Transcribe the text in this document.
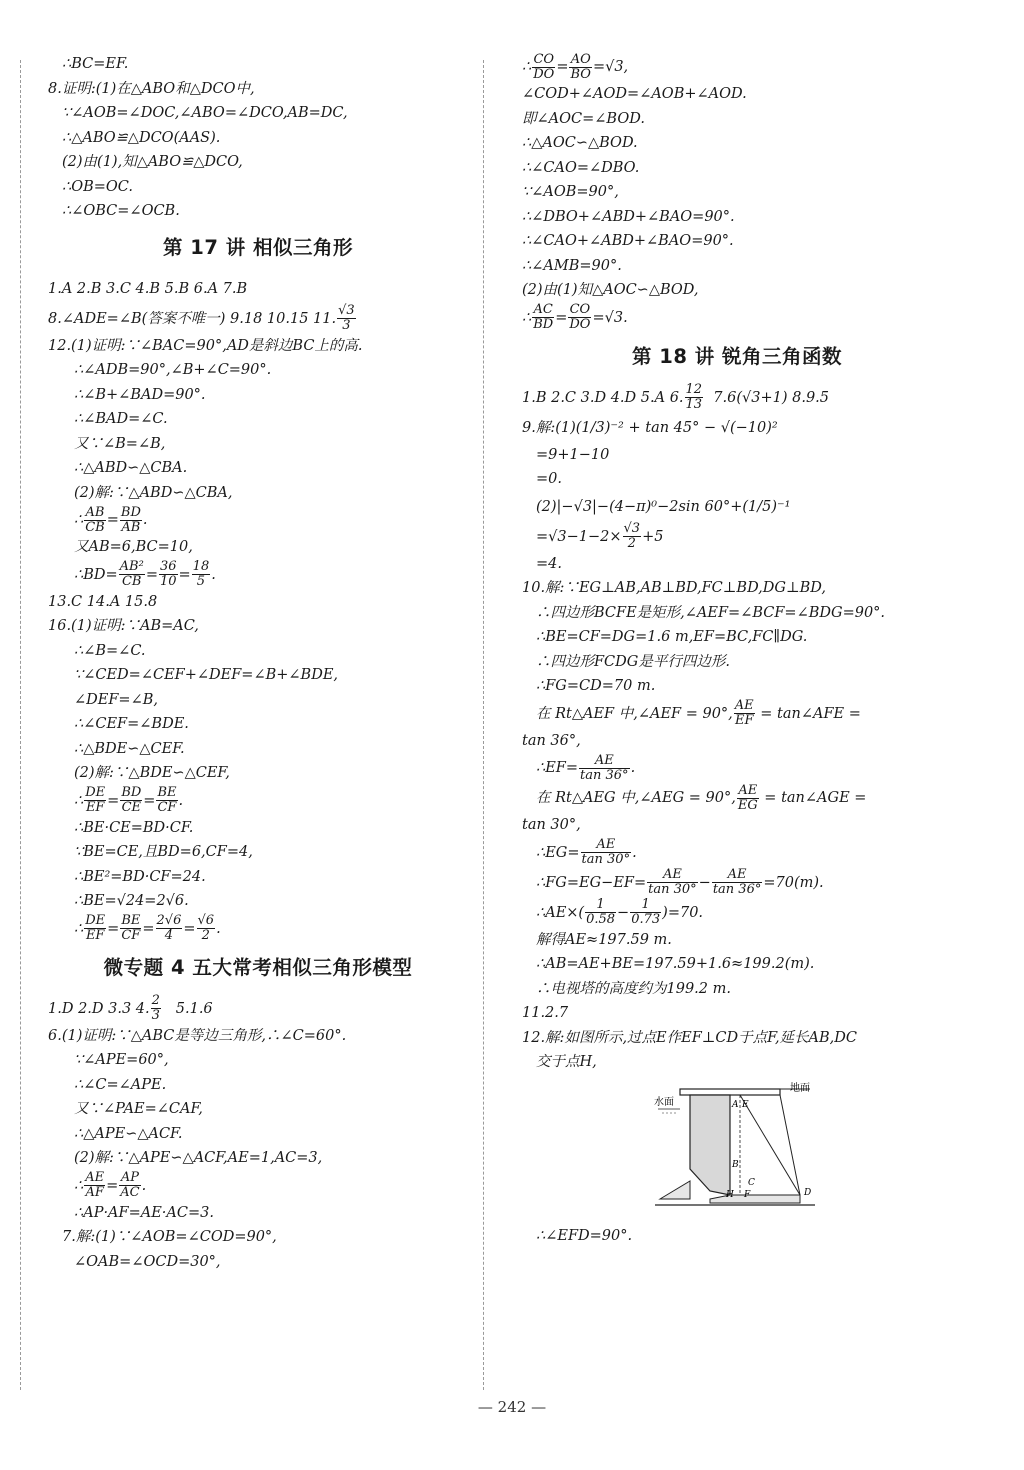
∴BC=EF.
8.证明:(1)在△ABO和△DCO中,
∵∠AOB=∠DOC,∠ABO=∠DCO,AB=DC,
∴△ABO≌△DCO(AAS).
(2)由(1),知△ABO≌△DCO,
∴OB=OC.
∴∠OBC=∠OCB.
第 17 讲 相似三角形
1.A 2.B 3.C 4.B 5.B 6.A 7.B
8.∠ADE=∠B(答案不唯一) 9.18 10.15 11. $\frac{√3}{3}$
12.(1)证明:∵∠BAC=90°,AD是斜边BC上的高.
∴∠ADB=90°,∠B+∠C=90°.
∴∠B+∠BAD=90°.
∴∠BAD=∠C.
又∵∠B=∠B,
∴△ABD∽△CBA.
(2)解:∵△ABD∽△CBA,
∴ $\frac{AB}{CB} = \frac{BD}{AB}$ .
又AB=6,BC=10,
∴BD= $\frac{\text{AB²}}{CB} = \frac{36}{10} = \frac{18}{5}$ .
13.C 14.A 15.8
16.(1)证明:∵AB=AC,
∴∠B=∠C.
∵∠CED=∠CEF+∠DEF=∠B+∠BDE,
∠DEF=∠B,
∴∠CEF=∠BDE.
∴△BDE∽△CEF.
(2)解:∵△BDE∽△CEF,
∴ $\frac{DE}{EF} = \frac{BD}{CE} = \frac{BE}{CF}$ .
∴BE·CE=BD·CF.
∵BE=CE,且BD=6,CF=4,
∴BE²=BD·CF=24.
∴BE=√24=2√6.
∴ $\frac{DE}{EF} = \frac{BE}{CF} = \frac{2√6}{4} = \frac{√6}{2}$ .
微专题 4 五大常考相似三角形模型
1.D 2.D 3.3 4. $\frac{2}{3} 5.1.6$
6.(1)证明:∵△ABC是等边三角形,∴∠C=60°.
∵∠APE=60°,
∴∠C=∠APE.
又∵∠PAE=∠CAF,
∴△APE∽△ACF.
(2)解:∵△APE∽△ACF,AE=1,AC=3,
∴ $\frac{AE}{AF} = \frac{AP}{AC}$ .
∴AP·AF=AE·AC=3.
7.解:(1)∵∠AOB=∠COD=90°,
∠OAB=∠OCD=30°,
∴ $\frac{CO}{DO} = \frac{AO}{BO} =√3$,
∠COD+∠AOD=∠AOB+∠AOD.
即∠AOC=∠BOD.
∴△AOC∽△BOD.
∴∠CAO=∠DBO.
∵∠AOB=90°,
∴∠DBO+∠ABD+∠BAO=90°.
∴∠CAO+∠ABD+∠BAO=90°.
∴∠AMB=90°.
(2)由(1)知△AOC∽△BOD,
∴ $\frac{AC}{BD} = \frac{CO}{DO} =√3$.
第 18 讲 锐角三角函数
1.B 2.C 3.D 4.D 5.A 6. $\frac{12}{13} 7.6(√3+1)$ 8.9.5
9.解:(1)(1/3)⁻² + tan 45° − √(−10)²
=9+1−10
=0.
(2)|−√3|−(4−π)⁰−2sin 60°+(1/5)⁻¹
$=√3-1-2\times \frac{√3}{2} +5$
=4.
10.解:∵EG⊥AB,AB⊥BD,FC⊥BD,DG⊥BD,
∴四边形BCFE是矩形,∠AEF=∠BCF=∠BDG=90°.
∴BE=CF=DG=1.6 m,EF=BC,FC∥DG.
∴四边形FCDG是平行四边形.
∴FG=CD=70 m.
在 Rt△AEF 中,∠AEF = 90°, $\frac{AE}{EF}$ = tan∠AFE =
tan 36°,
∴EF= $\frac{AE}{\tan 36^\circ}$ .
在 Rt△AEG 中,∠AEG = 90°, $\frac{AE}{EG}$ = tan∠AGE =
tan 30°,
∴EG= $\frac{AE}{\tan 30^\circ}$ .
∴FG=EG−EF= $\frac{AE}{\tan 30^\circ} - \frac{AE}{\tan 36^\circ} =70(m)$.
∴AE×( $\frac{1}{0.58} - \frac{1}{0.73} )=70$.
解得AE≈197.59 m.
∴AB=AE+BE=197.59+1.6≈199.2(m).
∴电视塔的高度约为199.2 m.
11.2.7
12.解:如图所示,过点E作EF⊥CD于点F,延长AB,DC
交于点H,
地面
水面	A E
B
C
H F	D
∴∠EFD=90°.
— 242 —
